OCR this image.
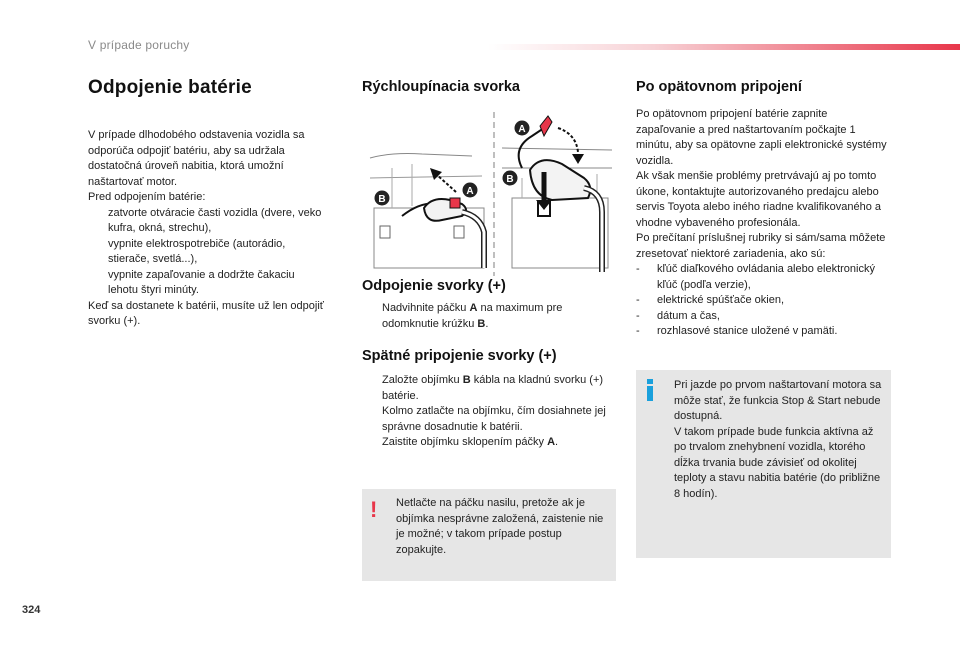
V prípade poruchy
Odpojenie batérie

V prípade dlhodobého odstavenia vozidla sa odporúča odpojiť batériu, aby sa udržala dostatočná úroveň nabitia, ktorá umožní naštartovať motor.

Pred odpojením batérie:

zatvorte otváracie časti vozidla (dvere, veko kufra, okná, strechu),
vypnite elektrospotrebiče (autorádio, stierače, svetlá...),
vypnite zapaľovanie a dodržte čakaciu lehotu štyri minúty.

Keď sa dostanete k batérii, musíte už len odpojiť svorku (+).

Rýchloupínacia svorka
A
B
A
B
Odpojenie svorky (+)
Nadvihnite páčku A na maximum pre odomknutie krúžku B.
Spätné pripojenie svorky (+)
Založte objímku B kábla na kladnú svorku (+) batérie.
Kolmo zatlačte na objímku, čím dosiahnete jej správne dosadnutie k batérii.
Zaistite objímku sklopením páčky A.
! Netlačte na páčku nasilu, pretože ak je objímka nesprávne založená, zaistenie nie je možné; v takom prípade postup zopakujte.
Po opätovnom pripojení

Po opätovnom pripojení batérie zapnite zapaľovanie a pred naštartovaním počkajte 1 minútu, aby sa opätovne zapli elektronické systémy vozidla.

Ak však menšie problémy pretrvávajú aj po tomto úkone, kontaktujte autorizovaného predajcu alebo servis Toyota alebo iného riadne kvalifikovaného a vhodne vybaveného profesionála.

Po prečítaní príslušnej rubriky si sám/sama môžete zresetovať niektoré zariadenia, ako sú:

- kľúč diaľkového ovládania alebo elektronický kľúč (podľa verzie),
- elektrické spúšťače okien,
- dátum a čas,
- rozhlasové stanice uložené v pamäti.

Pri jazde po prvom naštartovaní motora sa môže stať, že funkcia Stop & Start nebude dostupná.

V takom prípade bude funkcia aktívna až po trvalom znehybnení vozidla, ktorého dĺžka trvania bude závisieť od okolitej teploty a stavu nabitia batérie (do približne 8 hodín).

324
